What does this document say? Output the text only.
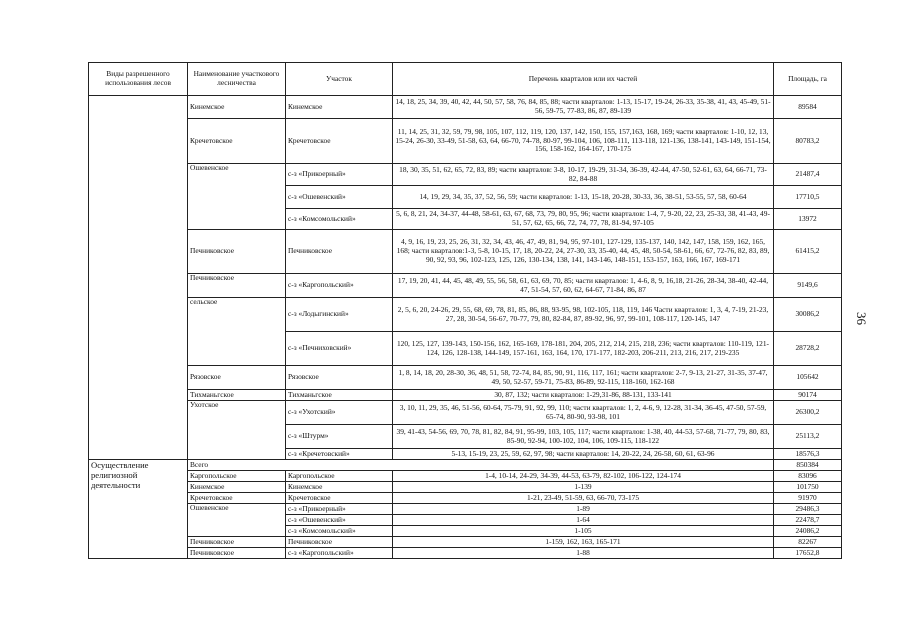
Виды разрешенного использования лесов	Наименование участкового лесничества	Участок	Перечень кварталов или их частей	Площадь, га
	Кинемское	Кинемское	14, 18, 25, 34, 39, 40, 42, 44, 50, 57, 58, 76, 84, 85, 88; части кварталов: 1-13, 15-17, 19-24, 26-33, 35-38, 41, 43, 45-49, 51-56, 59-75, 77-83, 86, 87, 89-139	89584
	Кречетовское	Кречетовское	11, 14, 25, 31, 32, 59, 79, 98, 105, 107, 112, 119, 120, 137, 142, 150, 155, 157,163, 168, 169; части кварталов: 1-10, 12, 13, 15-24, 26-30, 33-49, 51-58, 63, 64, 66-70, 74-78, 80-97, 99-104, 106, 108-111, 113-118, 121-136, 138-141, 143-149, 151-154, 156, 158-162, 164-167, 170-175	80783,2
	Ошевенское	с-з «Прикоерный»	18, 30, 35, 51, 62, 65, 72, 83, 89; части кварталов: 3-8, 10-17, 19-29, 31-34, 36-39, 42-44, 47-50, 52-61, 63, 64, 66-71, 73-82, 84-88	21487,4
		с-з «Ошевенский»	14, 19, 29, 34, 35, 37, 52, 56, 59; части кварталов: 1-13, 15-18, 20-28, 30-33, 36, 38-51, 53-55, 57, 58, 60-64	17710,5
		с-з «Комсомольский»	5, 6, 8, 21, 24, 34-37, 44-48, 58-61, 63, 67, 68, 73, 79, 80, 95, 96; части кварталов: 1-4, 7, 9-20, 22, 23, 25-33, 38, 41-43, 49-51, 57, 62, 65, 66, 72, 74, 77, 78, 81-94, 97-105	13972
	Печниковское	Печниковское	4, 9, 16, 19, 23, 25, 26, 31, 32, 34, 43, 46, 47, 49, 81, 94, 95, 97-101, 127-129, 135-137, 140, 142, 147, 158, 159, 162, 165, 168; части кварталов:1-3, 5-8, 10-15, 17, 18, 20-22, 24, 27-30, 33, 35-40, 44, 45, 48, 50-54, 58-61, 66, 67, 72-76, 82, 83, 89, 90, 92, 93, 96, 102-123, 125, 126, 130-134, 138, 141, 143-146, 148-151, 153-157, 163, 166, 167, 169-171	61415,2
	Печниковское	с-з «Каргопольский»	17, 19, 20, 41, 44, 45, 48, 49, 55, 56, 58, 61, 63, 69, 70, 85; части кварталов: 1, 4-6, 8, 9, 16,18, 21-26, 28-34, 38-40, 42-44, 47, 51-54, 57, 60, 62, 64-67, 71-84, 86, 87	9149,6
	сельское	с-з «Лодыгинский»	2, 5, 6, 20, 24-26, 29, 55, 68, 69, 78, 81, 85, 86, 88, 93-95, 98, 102-105, 118, 119, 146 Части кварталов: 1, 3, 4, 7-19, 21-23, 27, 28, 30-54, 56-67, 70-77, 79, 80, 82-84, 87, 89-92, 96, 97, 99-101, 108-117, 120-145, 147	30086,2
		с-з «Печниховский»	120, 125, 127, 139-143, 150-156, 162, 165-169, 178-181, 204, 205, 212, 214, 215, 218, 236; части кварталов: 110-119, 121-124, 126, 128-138, 144-149, 157-161, 163, 164, 170, 171-177, 182-203, 206-211, 213, 216, 217, 219-235	28728,2
	Рязовское	Рязовское	1, 8, 14, 18, 20, 28-30, 36, 48, 51, 58, 72-74, 84, 85, 90, 91, 116, 117, 161; части кварталов: 2-7, 9-13, 21-27, 31-35, 37-47, 49, 50, 52-57, 59-71, 75-83, 86-89, 92-115, 118-160, 162-168	105642
	Тихманьгское	Тихманьгское	30, 87, 132; части кварталов: 1-29,31-86, 88-131, 133-141	90174
	Ухотское	с-з «Ухотский»	3, 10, 11, 29, 35, 46, 51-56, 60-64, 75-79, 91, 92, 99, 110; части кварталов: 1, 2, 4-6, 9, 12-28, 31-34, 36-45, 47-50, 57-59, 65-74, 80-90, 93-98, 101	26300,2
		с-з «Штурм»	39, 41-43, 54-56, 69, 70, 78, 81, 82, 84, 91, 95-99, 103, 105, 117; части кварталов: 1-38, 40, 44-53, 57-68, 71-77, 79, 80, 83, 85-90, 92-94, 100-102, 104, 106, 109-115, 118-122	25113,2
		с-з «Кречетовский»	5-13, 15-19, 23, 25, 59, 62, 97, 98; части кварталов: 14, 20-22, 24, 26-58, 60, 61, 63-96	18576,3
Осуществление религиозной деятельности	Всего			850384
	Каргопольское	Каргопольское	1-4, 10-14, 24-29, 34-39, 44-53, 63-79, 82-102, 106-122, 124-174	83096
	Кинемское	Кинемское	1-139	101750
	Кречетовское	Кречетовское	1-21, 23-49, 51-59, 63, 66-70, 73-175	91970
	Ошевенское	с-з «Прикоерный»	1-89	29486,3
		с-з «Ошевенский»	1-64	22478,7
		с-з «Комсомольский»	1-105	24086,2
	Печниковское	Печниковское	1-159, 162, 163, 165-171	82267
	Печниковское	с-з «Каргопольский»	1-88	17652,8
36
